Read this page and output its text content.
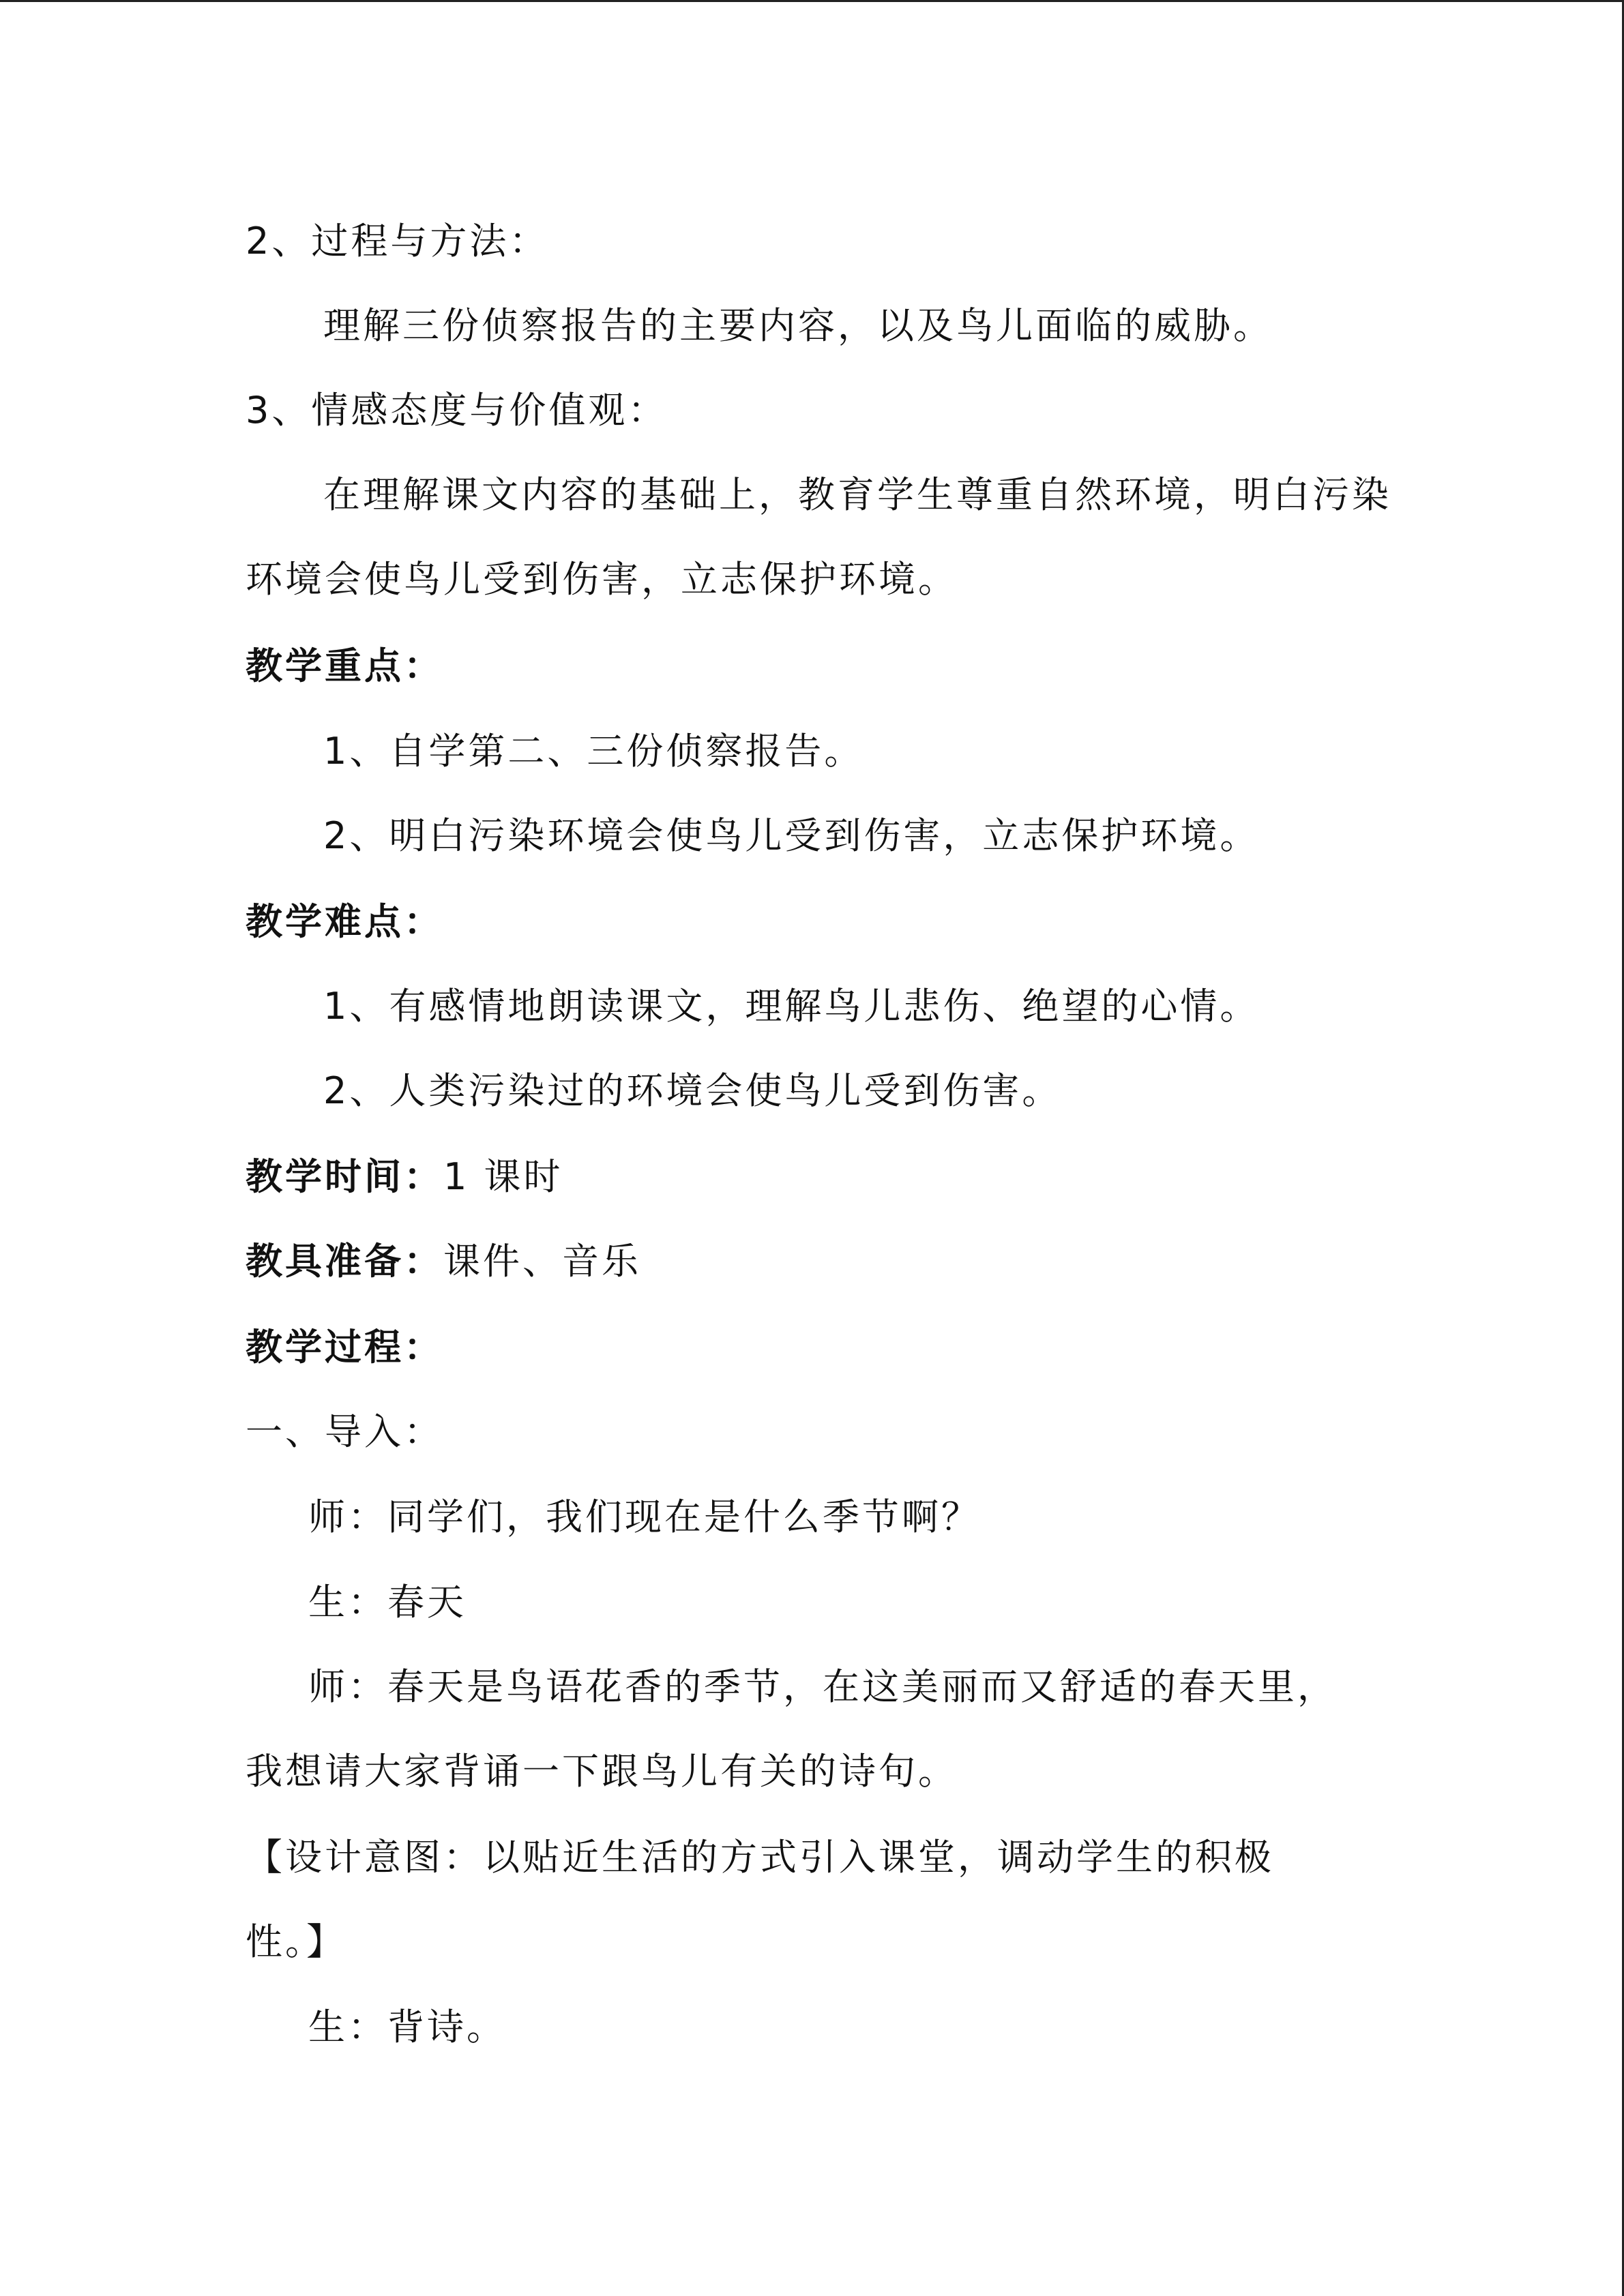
2、过程与方法：
理解三份侦察报告的主要内容，以及鸟儿面临的威胁。
3、情感态度与价值观：
在理解课文内容的基础上，教育学生尊重自然环境，明白污染
环境会使鸟儿受到伤害，立志保护环境。
教学重点：
1、自学第二、三份侦察报告。
2、明白污染环境会使鸟儿受到伤害，立志保护环境。
教学难点：
1、有感情地朗读课文，理解鸟儿悲伤、绝望的心情。
2、人类污染过的环境会使鸟儿受到伤害。
教学时间：1 课时
教具准备：课件、音乐
教学过程：
一、导入：
师：同学们，我们现在是什么季节啊？
生：春天
师：春天是鸟语花香的季节，在这美丽而又舒适的春天里，
我想请大家背诵一下跟鸟儿有关的诗句。
【设计意图：以贴近生活的方式引入课堂，调动学生的积极
性。】
生：背诗。
